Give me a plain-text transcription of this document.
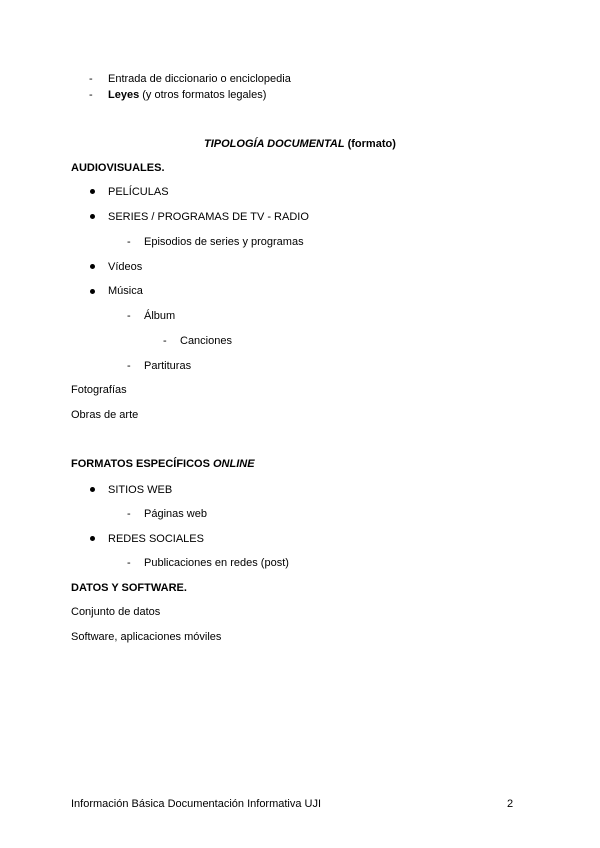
- Entrada de diccionario o enciclopedia
- Leyes (y otros formatos legales)
TIPOLOGÍA DOCUMENTAL (formato)
AUDIOVISUALES.
PELÍCULAS
SERIES / PROGRAMAS DE TV - RADIO
- Episodios de series y programas
Vídeos
Música
- Álbum
- Canciones
- Partituras
Fotografías
Obras de arte
FORMATOS ESPECÍFICOS ONLINE
SITIOS WEB
- Páginas web
REDES SOCIALES
- Publicaciones en redes (post)
DATOS Y SOFTWARE.
Conjunto de datos
Software, aplicaciones móviles
Información Básica Documentación Informativa UJI	2
